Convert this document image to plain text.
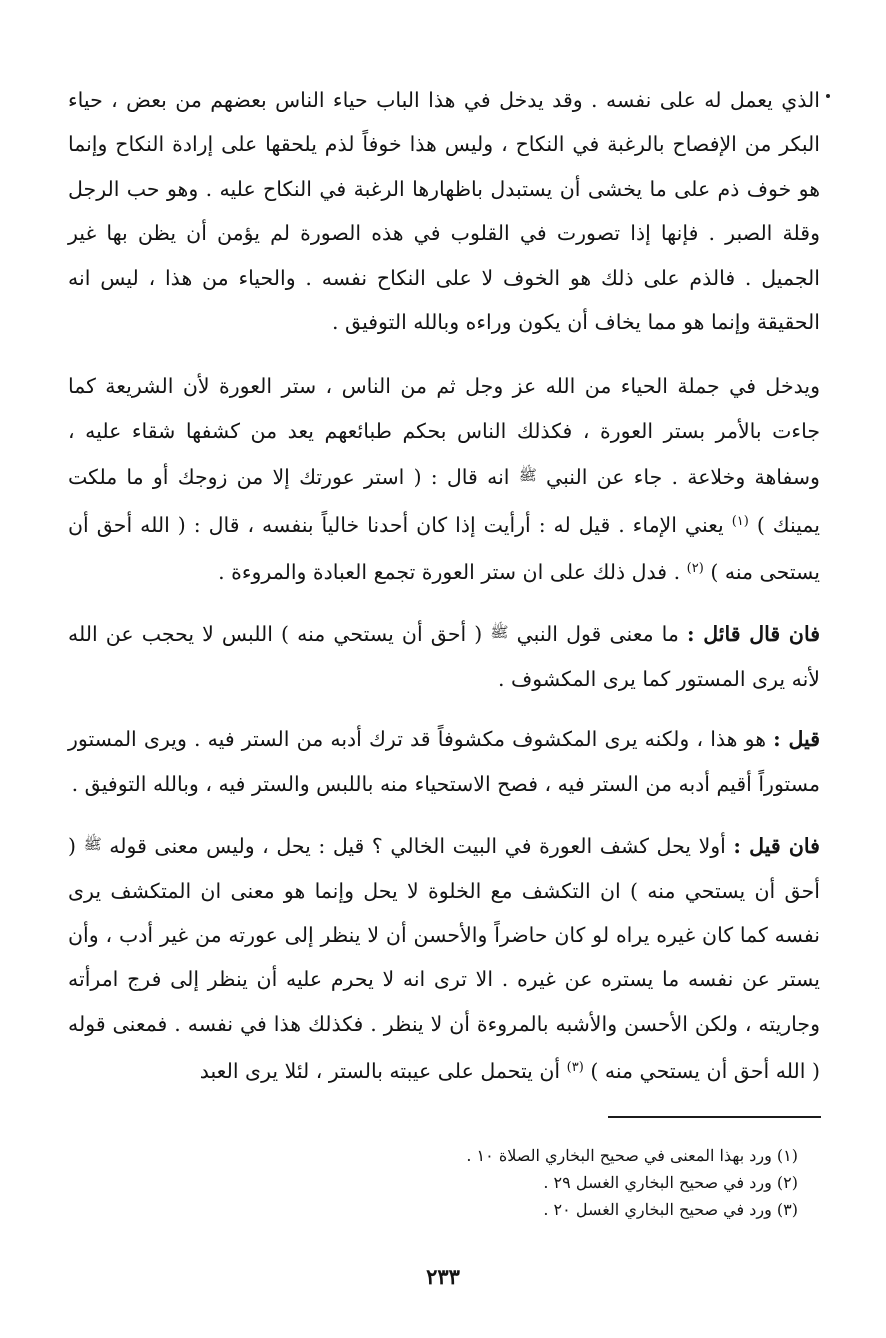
الذي يعمل له على نفسه . وقد يدخل في هذا الباب حياء الناس بعضهم من بعض ، حياء البكر من الإفصاح بالرغبة في النكاح ، وليس هذا خوفاً لذم يلحقها على إرادة النكاح وإنما هو خوف ذم على ما يخشى أن يستبدل باظهارها الرغبة في النكاح عليه . وهو حب الرجل وقلة الصبر . فإنها إذا تصورت في القلوب في هذه الصورة لم يؤمن أن يظن بها غير الجميل . فالذم على ذلك هو الخوف لا على النكاح نفسه . والحياء من هذا ، ليس انه الحقيقة وإنما هو مما يخاف أن يكون وراءه وبالله التوفيق .

ويدخل في جملة الحياء من الله عز وجل ثم من الناس ، ستر العورة لأن الشريعة كما جاءت بالأمر بستر العورة ، فكذلك الناس بحكم طبائعهم يعد من كشفها شقاء عليه ، وسفاهة وخلاعة . جاء عن النبي ﷺ انه قال : ( استر عورتك إلا من زوجك أو ما ملكت يمينك ) $^{(١)}$ يعني الإماء . قيل له : أرأيت إذا كان أحدنا خالياً بنفسه ، قال : ( الله أحق أن يستحى منه ) $^{(٢)}$ . فدل ذلك على ان ستر العورة تجمع العبادة والمروءة .

فان قال قائل : ما معنى قول النبي ﷺ ( أحق أن يستحي منه ) اللبس لا يحجب عن الله لأنه يرى المستور كما يرى المكشوف .

قيل : هو هذا ، ولكنه يرى المكشوف مكشوفاً قد ترك أدبه من الستر فيه . ويرى المستور مستوراً أقيم أدبه من الستر فيه ، فصح الاستحياء منه باللبس والستر فيه ، وبالله التوفيق .

فان قيل : أولا يحل كشف العورة في البيت الخالي ؟ قيل : يحل ، وليس معنى قوله ﷺ ( أحق أن يستحي منه ) ان التكشف مع الخلوة لا يحل وإنما هو معنى ان المتكشف يرى نفسه كما كان غيره يراه لو كان حاضراً والأحسن أن لا ينظر إلى عورته من غير أدب ، وأن يستر عن نفسه ما يستره عن غيره . الا ترى انه لا يحرم عليه أن ينظر إلى فرج امرأته وجاريته ، ولكن الأحسن والأشبه بالمروءة أن لا ينظر . فكذلك هذا في نفسه . فمعنى قوله ( الله أحق أن يستحي منه ) $^{(٣)}$ أن يتحمل على عيبته بالستر ، لئلا يرى العبد

(١) ورد بهذا المعنى في صحيح البخاري الصلاة ١٠ .
(٢) ورد في صحيح البخاري الغسل ٢٩ .
(٣) ورد في صحيح البخاري الغسل ٢٠ .
٢٣٣
